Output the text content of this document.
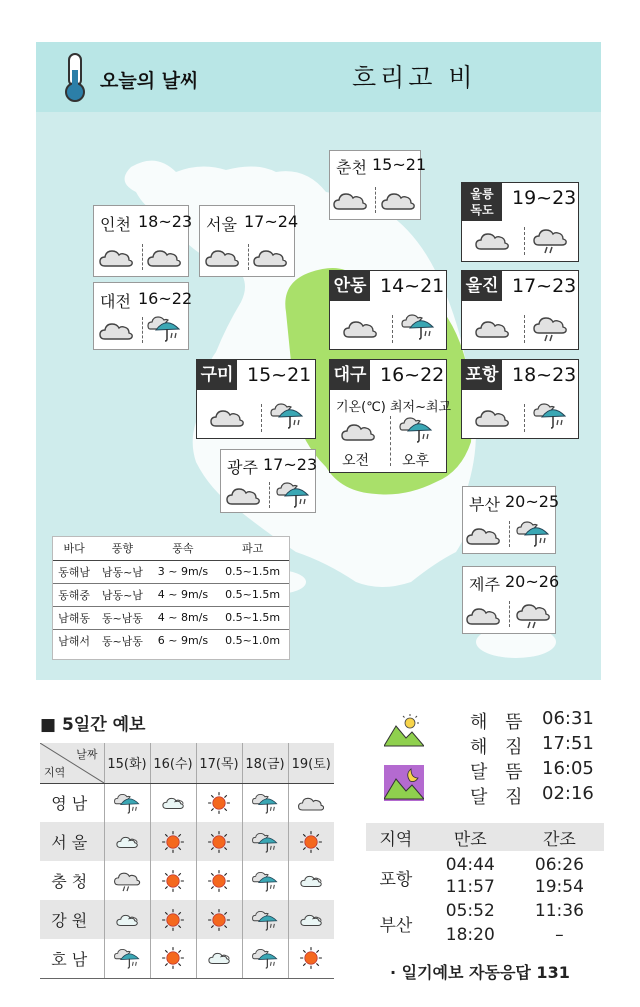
오늘의 날씨	흐리고 비
춘천 15~21
인천 18~23 서울 17~24
대전 16~22
울릉
독도
19~23
안동 14~21 울진 17~23
구미 15~21 대구 16~22
기온(℃) 최저~최고
오전 오후
포항 18~23
광주 17~23
부산 20~25
제주 20~26
바다	풍향	풍속	파고
동해남	남동~남	3 ~ 9m/s	0.5~1.5m
동해중	남동~남	4 ~ 9m/s	0.5~1.5m
남해동	동~남동	4 ~ 8m/s	0.5~1.5m
남해서	동~남동	6 ~ 9m/s	0.5~1.0m
■ 5일간 예보
날짜
지역	15(화)	16(수)	17(목)	18(금)	19(토)
영남					
서울					
충청					
강원					
호남					
해 뜸 06:31
해 짐 17:51
달 뜸 16:05
달 짐 02:16
지역	만조	간조
포항	04:44	06:26
	11:57	19:54
부산	05:52	11:36
	18:20	–
· 일기예보 자동응답 131
